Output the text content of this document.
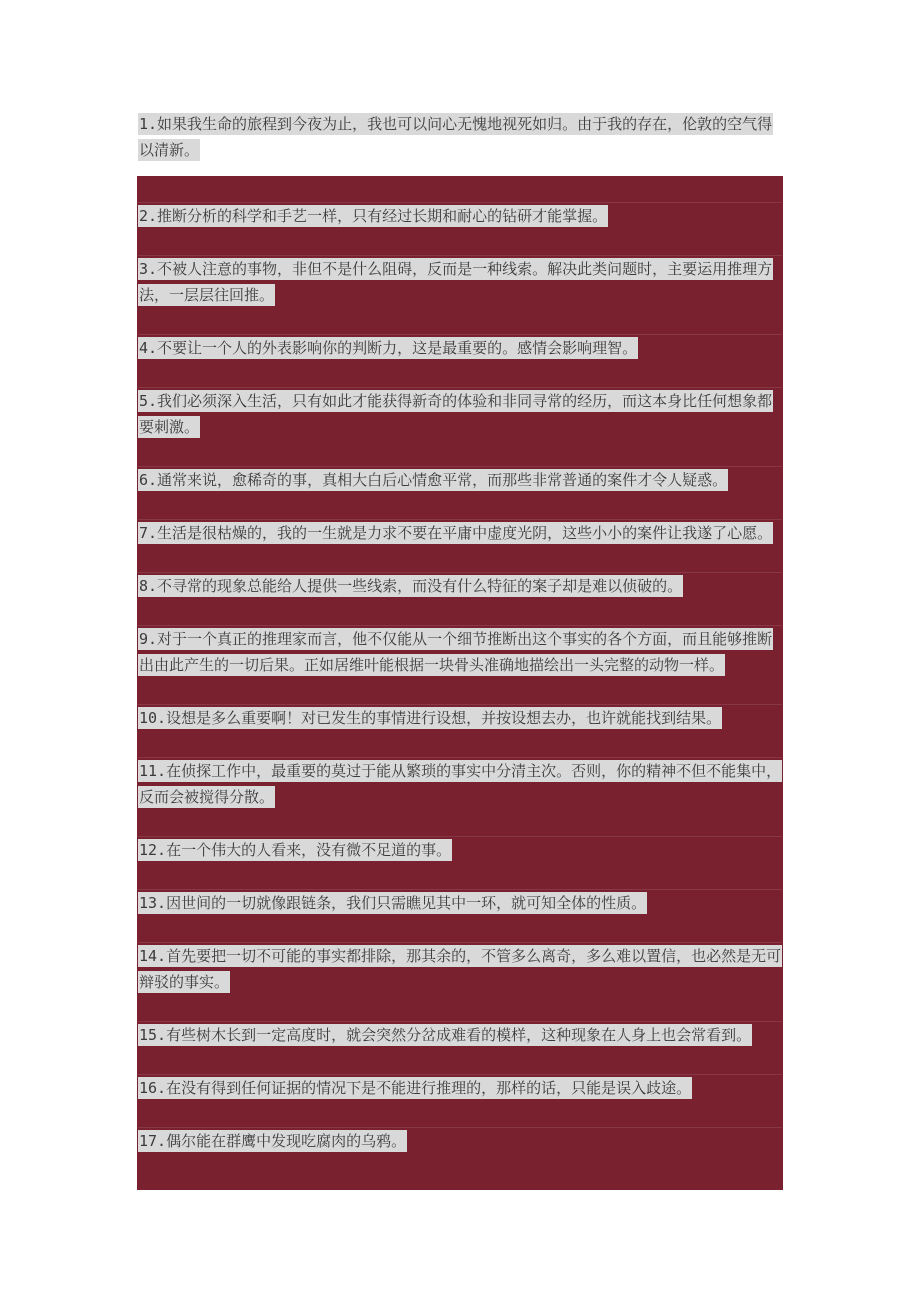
1.如果我生命的旅程到今夜为止，我也可以问心无愧地视死如归。由于我的存在，伦敦的空气得以清新。

2.推断分析的科学和手艺一样，只有经过长期和耐心的钻研才能掌握。
3.不被人注意的事物，非但不是什么阻碍，反而是一种线索。解决此类问题时，主要运用推理方法，一层层往回推。
4.不要让一个人的外表影响你的判断力，这是最重要的。感情会影响理智。
5.我们必须深入生活，只有如此才能获得新奇的体验和非同寻常的经历，而这本身比任何想象都要刺激。
6.通常来说，愈稀奇的事，真相大白后心情愈平常，而那些非常普通的案件才令人疑惑。
7.生活是很枯燥的，我的一生就是力求不要在平庸中虚度光阴，这些小小的案件让我遂了心愿。
8.不寻常的现象总能给人提供一些线索，而没有什么特征的案子却是难以侦破的。
9.对于一个真正的推理家而言，他不仅能从一个细节推断出这个事实的各个方面，而且能够推断出由此产生的一切后果。正如居维叶能根据一块骨头准确地描绘出一头完整的动物一样。
10.设想是多么重要啊！对已发生的事情进行设想，并按设想去办，也许就能找到结果。
11.在侦探工作中，最重要的莫过于能从繁琐的事实中分清主次。否则，你的精神不但不能集中，反而会被搅得分散。
12.在一个伟大的人看来，没有微不足道的事。
13.因世间的一切就像跟链条，我们只需瞧见其中一环，就可知全体的性质。
14.首先要把一切不可能的事实都排除，那其余的，不管多么离奇，多么难以置信，也必然是无可辩驳的事实。
15.有些树木长到一定高度时，就会突然分岔成难看的模样，这种现象在人身上也会常看到。
16.在没有得到任何证据的情况下是不能进行推理的，那样的话，只能是误入歧途。
17.偶尔能在群鹰中发现吃腐肉的乌鸦。
